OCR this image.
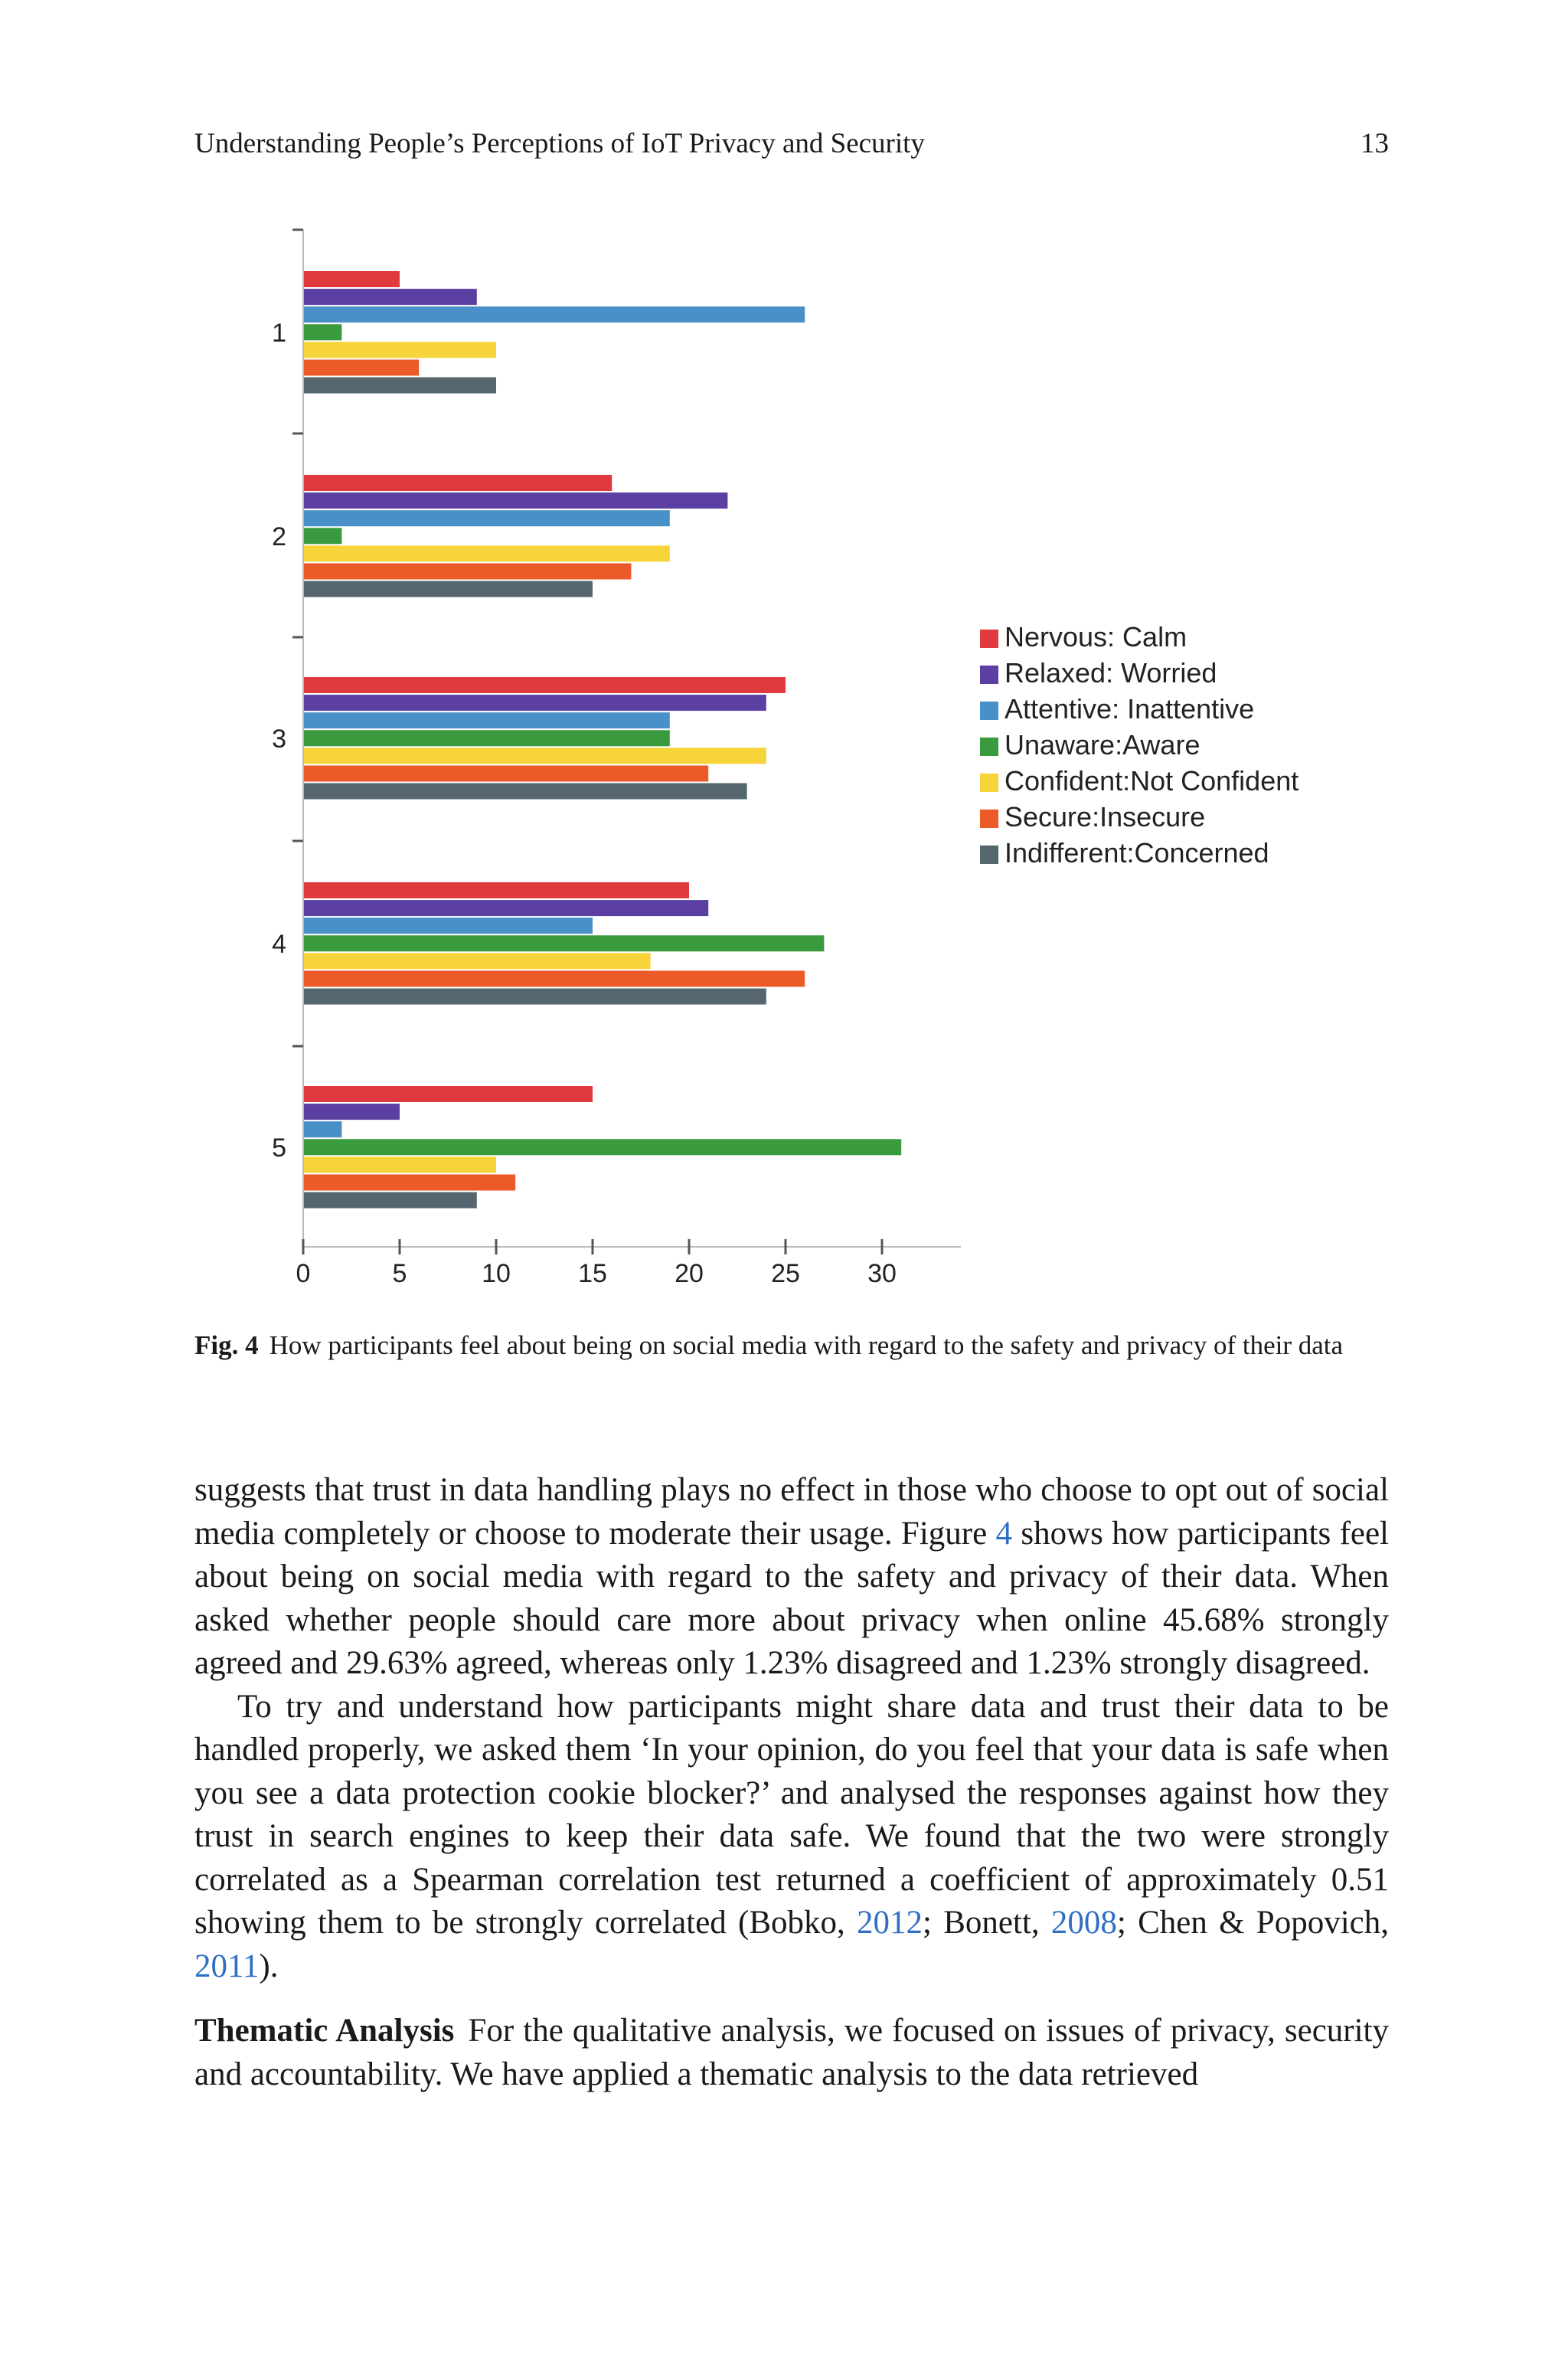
Understanding People’s Perceptions of IoT Privacy and Security	13
1
2
3
4
5
0	5	10	15	20	25	30
Nervous: Calm
Relaxed: Worried
Attentive: Inattentive
Unaware:Aware
Confident:Not Confident
Secure:Insecure
Indifferent:Concerned
Fig. 4 How participants feel about being on social media with regard to the safety and privacy of their data

suggests that trust in data handling plays no effect in those who choose to opt out of social media completely or choose to moderate their usage. Figure 4 shows how participants feel about being on social media with regard to the safety and privacy of their data. When asked whether people should care more about privacy when online 45.68% strongly agreed and 29.63% agreed, whereas only 1.23% disagreed and 1.23% strongly disagreed.

To try and understand how participants might share data and trust their data to be handled properly, we asked them ‘In your opinion, do you feel that your data is safe when you see a data protection cookie blocker?’ and analysed the responses against how they trust in search engines to keep their data safe. We found that the two were strongly correlated as a Spearman correlation test returned a coefficient of approximately 0.51 showing them to be strongly correlated (Bobko, 2012; Bonett, 2008; Chen & Popovich, 2011).

Thematic Analysis For the qualitative analysis, we focused on issues of privacy, security and accountability. We have applied a thematic analysis to the data retrieved
